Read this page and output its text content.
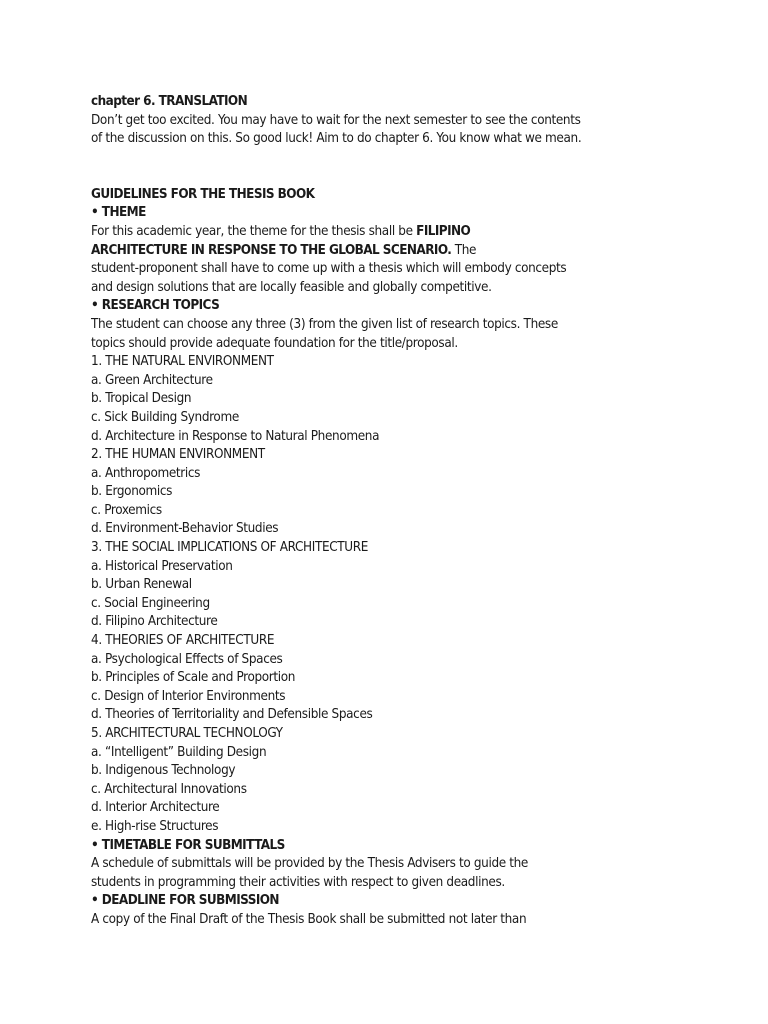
chapter 6. TRANSLATION
Don’t get too excited. You may have to wait for the next semester to see the contents
of the discussion on this. So good luck! Aim to do chapter 6. You know what we mean.
GUIDELINES FOR THE THESIS BOOK
• THEME
For this academic year, the theme for the thesis shall be FILIPINO
ARCHITECTURE IN RESPONSE TO THE GLOBAL SCENARIO. The
student-proponent shall have to come up with a thesis which will embody concepts
and design solutions that are locally feasible and globally competitive.
• RESEARCH TOPICS
The student can choose any three (3) from the given list of research topics. These
topics should provide adequate foundation for the title/proposal.
1. THE NATURAL ENVIRONMENT
a. Green Architecture
b. Tropical Design
c. Sick Building Syndrome
d. Architecture in Response to Natural Phenomena
2. THE HUMAN ENVIRONMENT
a. Anthropometrics
b. Ergonomics
c. Proxemics
d. Environment-Behavior Studies
3. THE SOCIAL IMPLICATIONS OF ARCHITECTURE
a. Historical Preservation
b. Urban Renewal
c. Social Engineering
d. Filipino Architecture
4. THEORIES OF ARCHITECTURE
a. Psychological Effects of Spaces
b. Principles of Scale and Proportion
c. Design of Interior Environments
d. Theories of Territoriality and Defensible Spaces
5. ARCHITECTURAL TECHNOLOGY
a. “Intelligent” Building Design
b. Indigenous Technology
c. Architectural Innovations
d. Interior Architecture
e. High-rise Structures
• TIMETABLE FOR SUBMITTALS
A schedule of submittals will be provided by the Thesis Advisers to guide the
students in programming their activities with respect to given deadlines.
• DEADLINE FOR SUBMISSION
A copy of the Final Draft of the Thesis Book shall be submitted not later than
